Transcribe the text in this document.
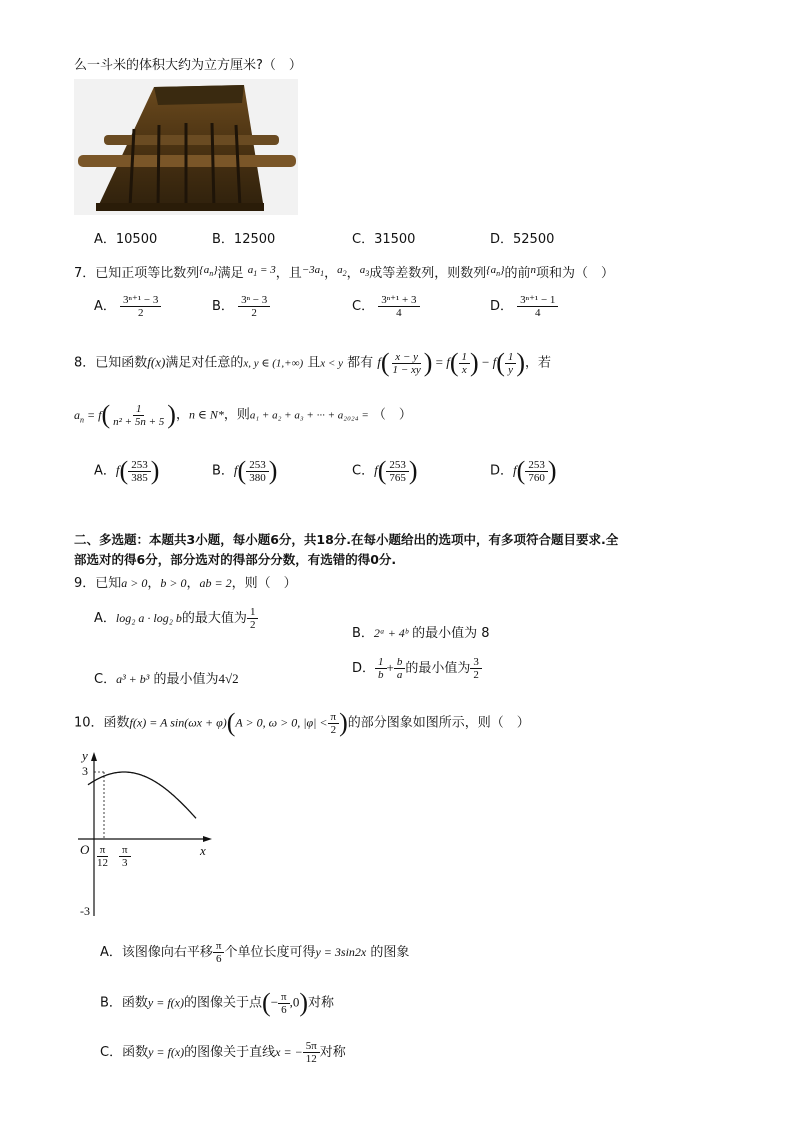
么一斗米的体积大约为立方厘米?（　）
A．10500	B．12500	C．31500	D．52500
7．已知正项等比数列$^{\{a_n\}}$满足 $^{a_1 = 3}$，且$^{-3a_1}$，$^{a_2}$，$^{a_3}$成等差数列，则数列$^{\{a_n\}}$的前$^n$项和为（　）
A． $\frac{\text{3ⁿ⁺¹ − 3}}{2}$	B． $\frac{\text{3ⁿ − 3}}{2}$	C． $\frac{\text{3ⁿ⁺¹ + 3}}{4}$	D． $\frac{\text{3ⁿ⁺¹ − 1}}{4}$
8．已知函数f(x)满足对任意的x, y ∈ (1,+∞) 且x < y 都有 $f( \frac{x - y}{1 - xy}$ ) = $f( \frac{1}{x}$ ) − $f( \frac{1}{y}$ )，若
$a_n = f( \frac{1}{\text{n² + 5n + 5}}$ )，n ∈ N*，则a₁ + a₂ + a₃ + ··· + a₂₀₂₄ = （　）
A．$f( \frac{253}{385}$ )	B．$f( \frac{253}{380}$ )	C．$f( \frac{253}{765}$ )	D．$f( \frac{253}{760}$ )
二、多选题：本题共3小题，每小题6分，共18分.在每小题给出的选项中，有多项符合题目要求.全
部选对的得6分，部分选对的得部分分数，有选错的得0分.
9．已知a > 0，b > 0，ab = 2，则（　）
A．log₂ a · log₂ b的最大值为 $\frac{1}{2}$
B．2ᵃ + 4ᵇ 的最小值为 8
C．a³ + b³ 的最小值为4√2
D． $\frac{1}{b} + \frac{b}{a}$ 的最小值为 $\frac{3}{2}$
10．函数f(x) = A sin(ωx + φ)(A > 0, ω > 0, $|\varphi| < \frac{\pi}{2}$ )的部分图象如图所示，则（　）
y
x
O
3
-3
$\frac{\pi}{12} \frac{\pi}{3}$
A．该图像向右平移 $\frac{\pi}{6}$ 个单位长度可得y = 3sin2x 的图象
B．函数y = f(x)的图像关于点(− $\frac{\pi}{6} ,0$)对称
C．函数y = f(x)的图像关于直线x = − $\frac{5\pi}{12}$ 对称
